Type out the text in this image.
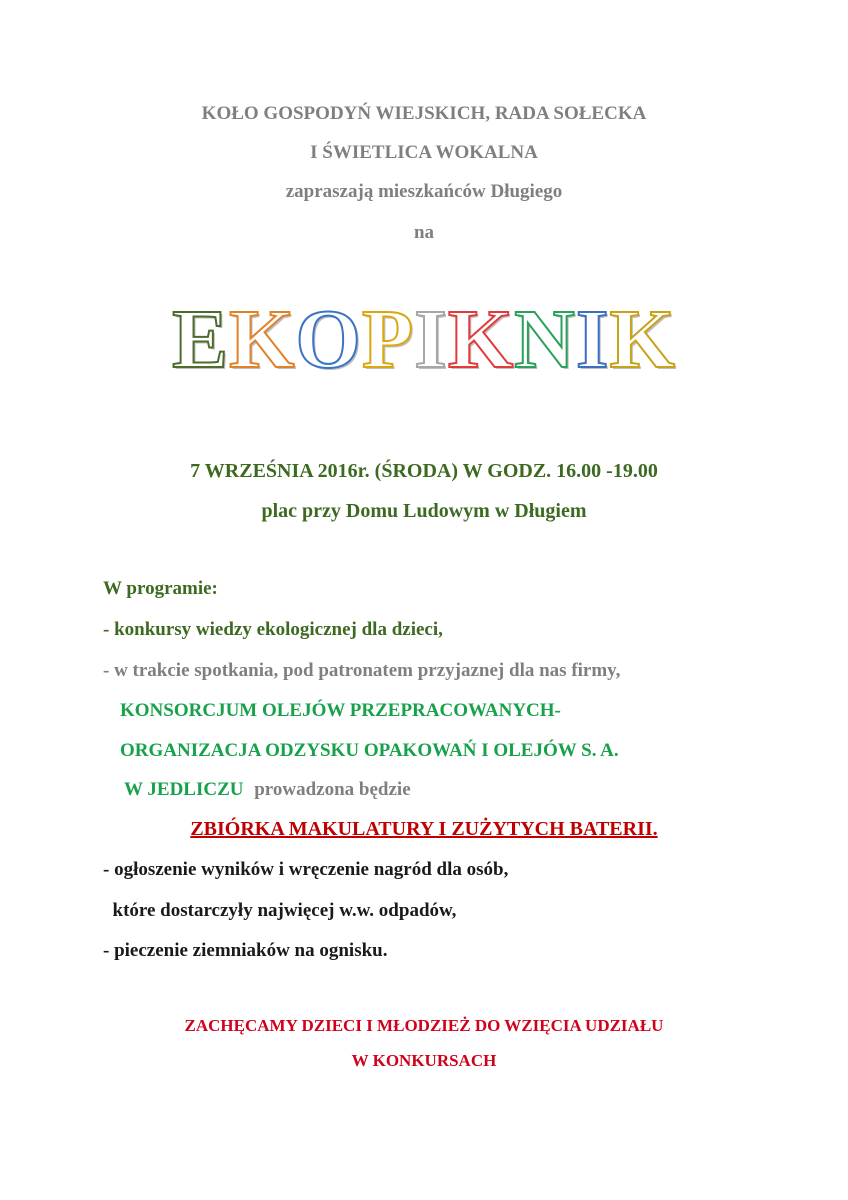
KOŁO GOSPODYŃ WIEJSKICH, RADA SOŁECKA
I ŚWIETLICA WOKALNA
zapraszają mieszkańców Długiego
na
EKOPIKNIK
7 WRZEŚNIA 2016r. (ŚRODA) W GODZ. 16.00 -19.00
plac przy Domu Ludowym w Długiem
W programie:
- konkursy wiedzy ekologicznej dla dzieci,
- w trakcie spotkania, pod patronatem przyjaznej dla nas firmy,
KONSORCJUM OLEJÓW PRZEPRACOWANYCH-
ORGANIZACJA ODZYSKU OPAKOWAŃ I OLEJÓW S. A.
W JEDLICZU prowadzona będzie
ZBIÓRKA MAKULATURY I ZUŻYTYCH BATERII.
- ogłoszenie wyników i wręczenie nagród dla osób,
które dostarczyły najwięcej w.w. odpadów,
- pieczenie ziemniaków na ognisku.
ZACHĘCAMY DZIECI I MŁODZIEŻ DO WZIĘCIA UDZIAŁU
W KONKURSACH
